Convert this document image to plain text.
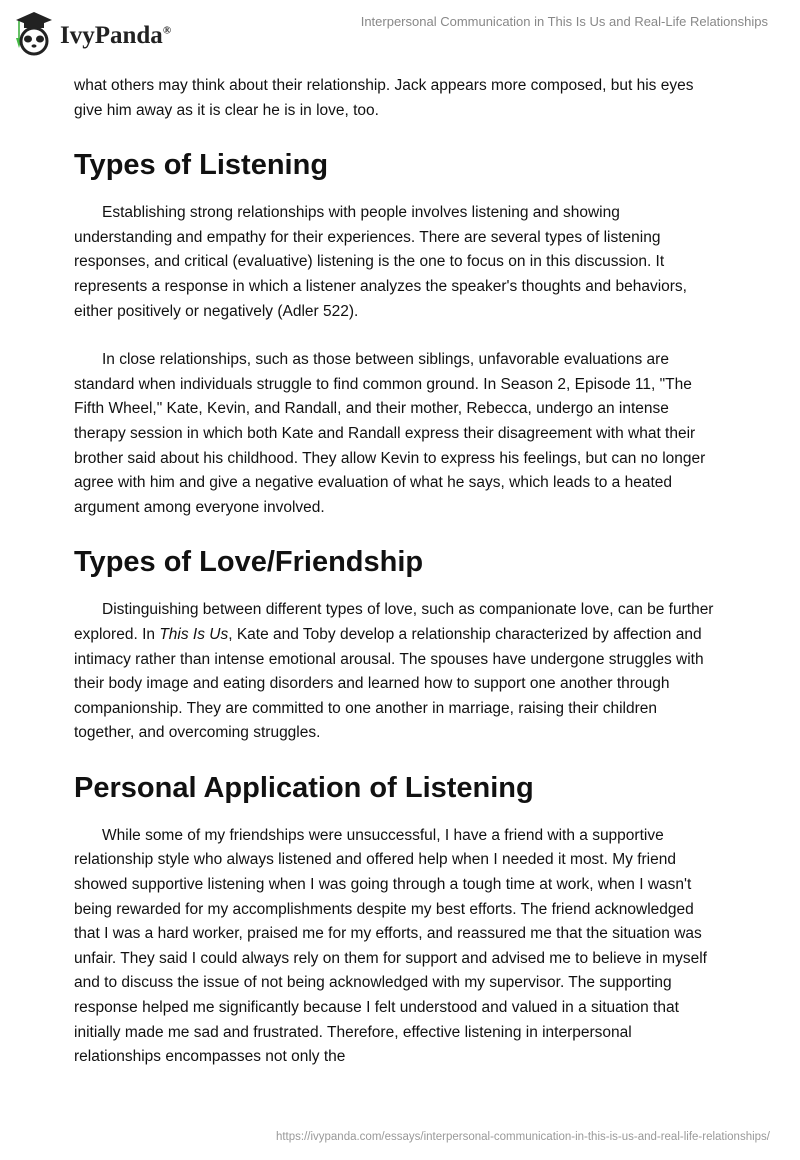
IvyPanda®
Interpersonal Communication in This Is Us and Real-Life Relationships

what others may think about their relationship. Jack appears more composed, but his eyes give him away as it is clear he is in love, too.

Types of Listening

Establishing strong relationships with people involves listening and showing understanding and empathy for their experiences. There are several types of listening responses, and critical (evaluative) listening is the one to focus on in this discussion. It represents a response in which a listener analyzes the speaker's thoughts and behaviors, either positively or negatively (Adler 522).

In close relationships, such as those between siblings, unfavorable evaluations are standard when individuals struggle to find common ground. In Season 2, Episode 11, "The Fifth Wheel," Kate, Kevin, and Randall, and their mother, Rebecca, undergo an intense therapy session in which both Kate and Randall express their disagreement with what their brother said about his childhood. They allow Kevin to express his feelings, but can no longer agree with him and give a negative evaluation of what he says, which leads to a heated argument among everyone involved.

Types of Love/Friendship

Distinguishing between different types of love, such as companionate love, can be further explored. In This Is Us, Kate and Toby develop a relationship characterized by affection and intimacy rather than intense emotional arousal. The spouses have undergone struggles with their body image and eating disorders and learned how to support one another through companionship. They are committed to one another in marriage, raising their children together, and overcoming struggles.

Personal Application of Listening

While some of my friendships were unsuccessful, I have a friend with a supportive relationship style who always listened and offered help when I needed it most. My friend showed supportive listening when I was going through a tough time at work, when I wasn't being rewarded for my accomplishments despite my best efforts. The friend acknowledged that I was a hard worker, praised me for my efforts, and reassured me that the situation was unfair. They said I could always rely on them for support and advised me to believe in myself and to discuss the issue of not being acknowledged with my supervisor. The supporting response helped me significantly because I felt understood and valued in a situation that initially made me sad and frustrated. Therefore, effective listening in interpersonal relationships encompasses not only the

https://ivypanda.com/essays/interpersonal-communication-in-this-is-us-and-real-life-relationships/
